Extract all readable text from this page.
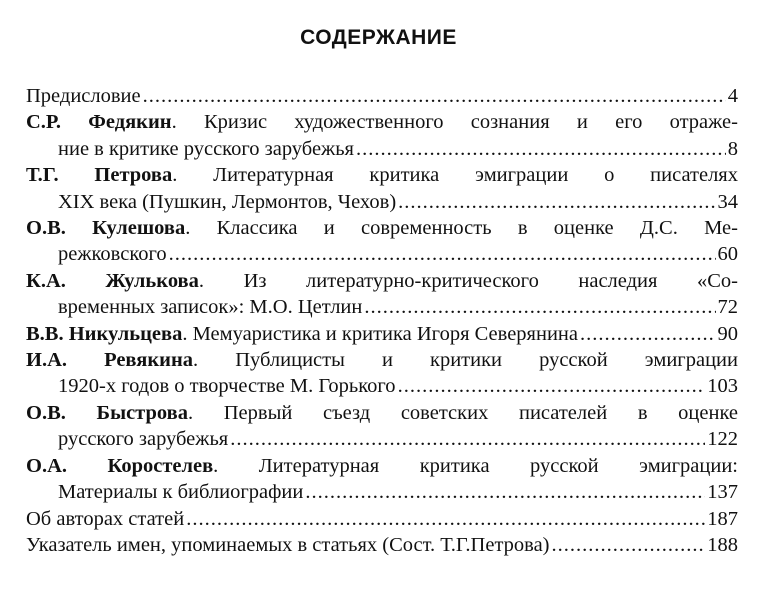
СОДЕРЖАНИЕ
Предисловие .....	4
С.Р. Федякин. Кризис художественного сознания и его отраже-
ние в критике русского зарубежья .....	8
Т.Г. Петрова. Литературная критика эмиграции о писателях
XIX века (Пушкин, Лермонтов, Чехов) .....	34
О.В. Кулешова. Классика и современность в оценке Д.С. Ме-
режковского .....	60
К.А. Жулькова. Из литературно-критического наследия «Со-
временных записок»: М.О. Цетлин .....	72
В.В. Никульцева . Мемуаристика и критика Игоря Северянина .....	90
И.А. Ревякина. Публицисты и критики русской эмиграции
1920-х годов о творчестве М. Горького .....	103
О.В. Быстрова. Первый съезд советских писателей в оценке
русского зарубежья .....	122
О.А. Коростелев. Литературная критика русской эмиграции:
Материалы к библиографии .....	137
Об авторах статей .....	187
Указатель имен, упоминаемых в статьях (Сост. Т.Г.Петрова) .....	188
